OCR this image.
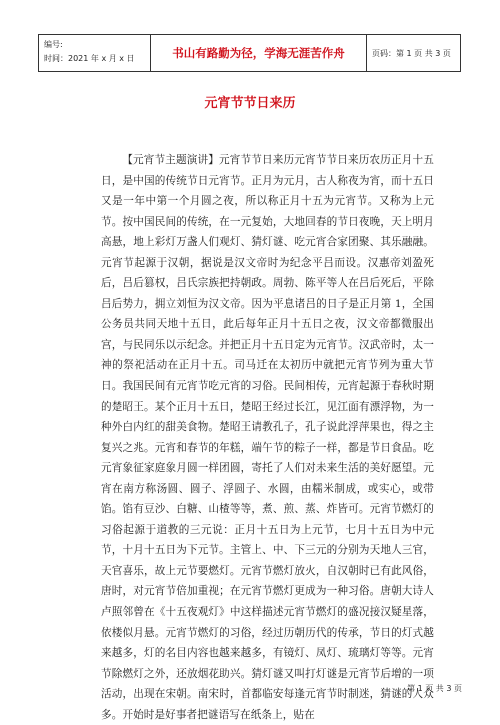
编号:
时间：2021 年 x 月 x 日	书山有路勤为径，学海无涯苦作舟	页码：第 1 页 共 3 页
元宵节节日来历

【元宵节主题演讲】元宵节节日来历元宵节节日来历农历正月十五日，是中国的传统节日元宵节。正月为元月，古人称夜为宵，而十五日又是一年中第一个月圆之夜，所以称正月十五为元宵节。又称为上元节。按中国民间的传统，在一元复始，大地回春的节日夜晚，天上明月高悬，地上彩灯万盏人们观灯、猜灯谜、吃元宵合家团聚、其乐融融。元宵节起源于汉朝，据说是汉文帝时为纪念平吕而设。汉惠帝刘盈死后，吕后篡权，吕氏宗族把持朝政。周勃、陈平等人在吕后死后，平除吕后势力，拥立刘恒为汉文帝。因为平息诸吕的日子是正月第 1，全国公务员共同天地十五日，此后每年正月十五日之夜，汉文帝都微服出宫，与民同乐以示纪念。并把正月十五日定为元宵节。汉武帝时，太一神的祭祀活动在正月十五。司马迁在太初历中就把元宵节列为重大节日。我国民间有元宵节吃元宵的习俗。民间相传，元宵起源于春秋时期的楚昭王。某个正月十五日，楚昭王经过长江，见江面有漂浮物，为一种外白内红的甜美食物。楚昭王请教孔子，孔子说此浮萍果也，得之主复兴之兆。元宵和春节的年糕，端午节的粽子一样，都是节日食品。吃元宵象征家庭象月圆一样团圆，寄托了人们对未来生活的美好愿望。元宵在南方称汤圆、圆子、浮圆子、水圆，由糯米制成，或实心，或带馅。馅有豆沙、白糖、山楂等等，煮、煎、蒸、炸皆可。元宵节燃灯的习俗起源于道教的三元说：正月十五日为上元节，七月十五日为中元节，十月十五日为下元节。主管上、中、下三元的分别为天地人三官，天官喜乐，故上元节要燃灯。元宵节燃灯放火，自汉朝时已有此风俗，唐时，对元宵节倍加重视；在元宵节燃灯更成为一种习俗。唐朝大诗人卢照邻曾在《十五夜观灯》中这样描述元宵节燃灯的盛况接汉疑星落，依楼似月悬。元宵节燃灯的习俗，经过历朝历代的传承，节日的灯式越来越多，灯的名目内容也越来越多，有镜灯、凤灯、琉璃灯等等。元宵节除燃灯之外，还放烟花助兴。猜灯谜又叫打灯谜是元宵节后增的一项活动，出现在宋朝。南宋时，首都临安每逢元宵节时制迷，猜谜的人众多。开始时是好事者把谜语写在纸条上，贴在

第 1 页 共 3 页
